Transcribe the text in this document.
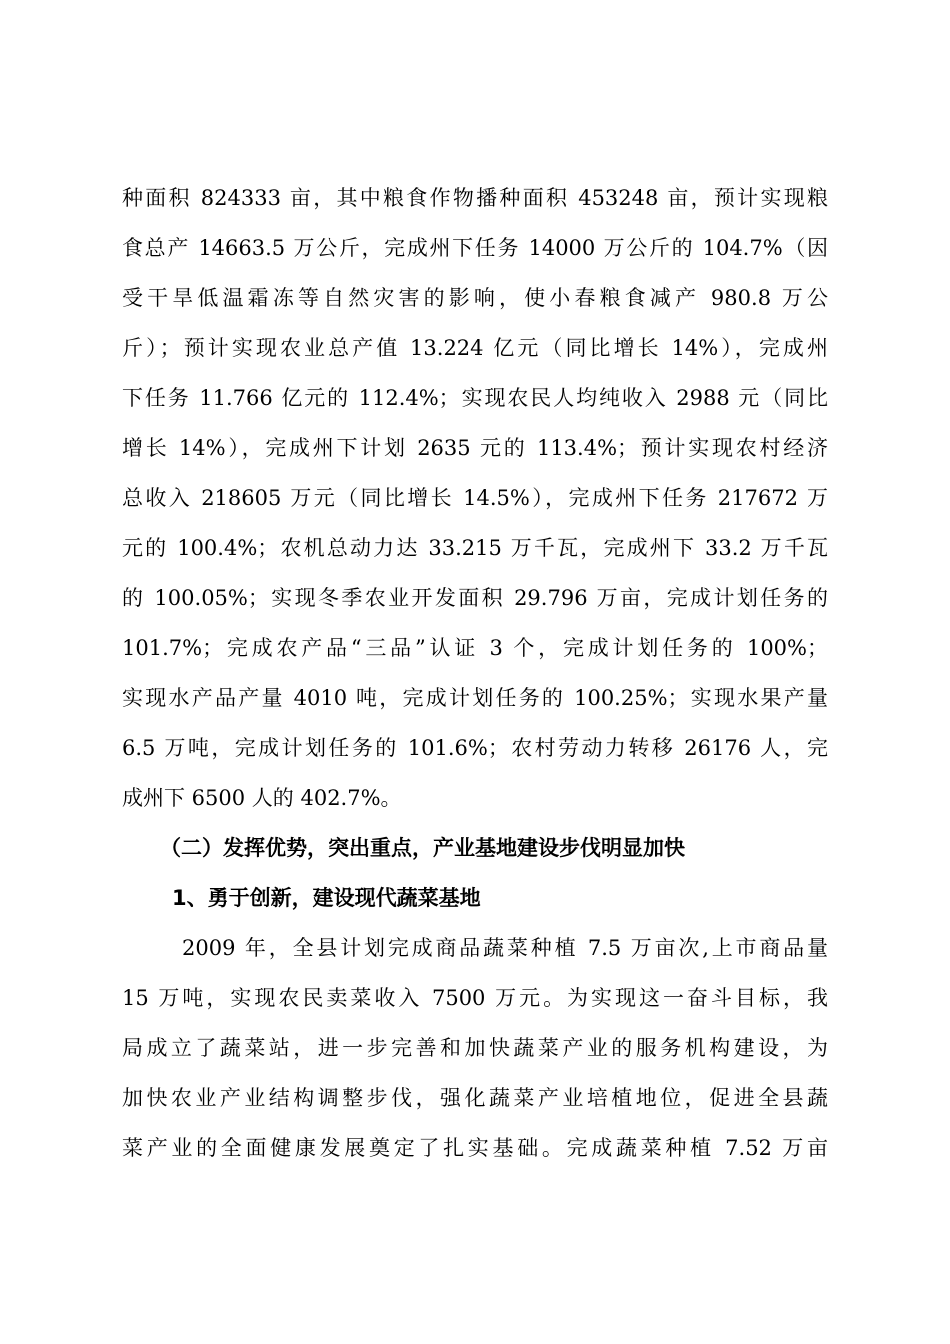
种面积 824333 亩，其中粮食作物播种面积 453248 亩，预计实现粮

食总产 14663.5 万公斤，完成州下任务 14000 万公斤的 104.7%（因

受干旱低温霜冻等自然灾害的影响，使小春粮食减产 980.8 万公

斤）；预计实现农业总产值 13.224 亿元（同比增长 14%），完成州

下任务 11.766 亿元的 112.4%；实现农民人均纯收入 2988 元（同比

增长 14%），完成州下计划 2635 元的 113.4%；预计实现农村经济

总收入 218605 万元（同比增长 14.5%），完成州下任务 217672 万

元的 100.4%；农机总动力达 33.215 万千瓦，完成州下 33.2 万千瓦

的 100.05%；实现冬季农业开发面积 29.796 万亩，完成计划任务的

101.7%；完成农产品“三品”认证 3 个，完成计划任务的 100%；

实现水产品产量 4010 吨，完成计划任务的 100.25%；实现水果产量

6.5 万吨，完成计划任务的 101.6%；农村劳动力转移 26176 人，完

成州下 6500 人的 402.7%。

（二）发挥优势，突出重点，产业基地建设步伐明显加快

1、勇于创新，建设现代蔬菜基地

2009 年，全县计划完成商品蔬菜种植 7.5 万亩次,上市商品量

15 万吨，实现农民卖菜收入 7500 万元。为实现这一奋斗目标，我

局成立了蔬菜站，进一步完善和加快蔬菜产业的服务机构建设，为

加快农业产业结构调整步伐，强化蔬菜产业培植地位，促进全县蔬

菜产业的全面健康发展奠定了扎实基础。完成蔬菜种植 7.52 万亩
